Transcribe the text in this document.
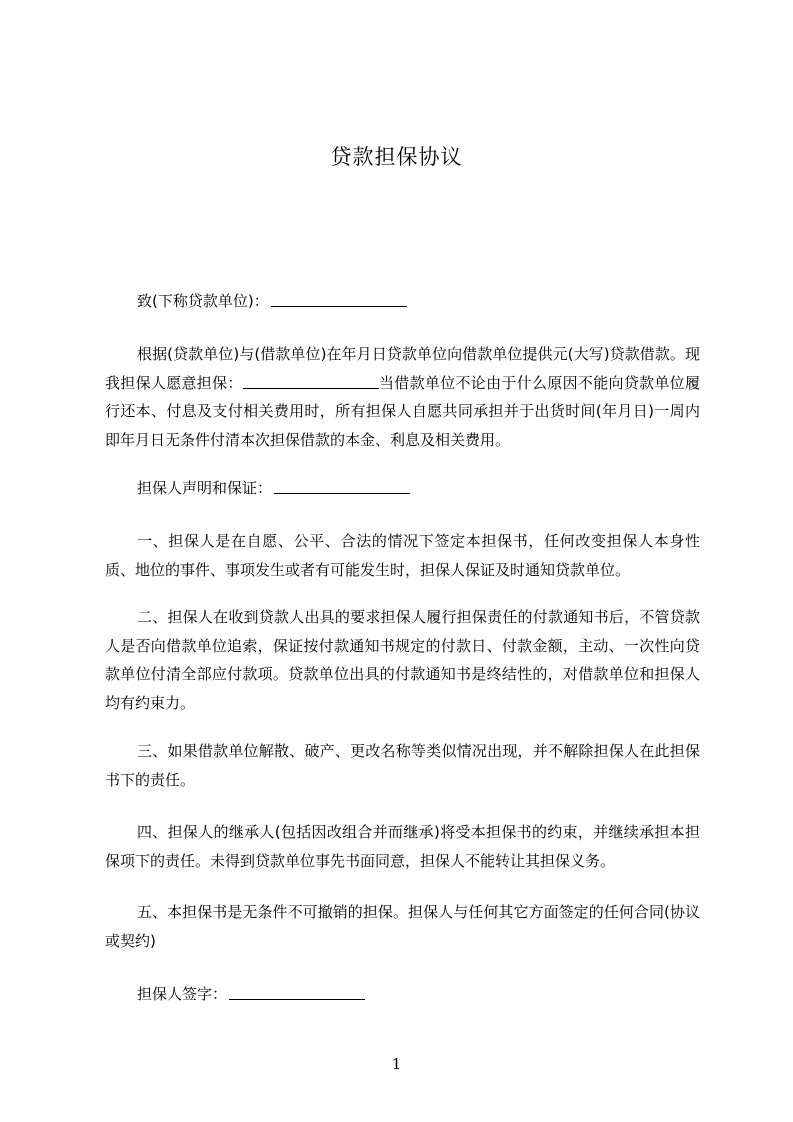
贷款担保协议
致(下称贷款单位)：
根据(贷款单位)与(借款单位)在年月日贷款单位向借款单位提供元(大写)贷款借款。现我担保人愿意担保：	当借款单位不论由于什么原因不能向贷款单位履行还本、付息及支付相关费用时，所有担保人自愿共同承担并于出货时间(年月日)一周内即年月日无条件付清本次担保借款的本金、利息及相关费用。
担保人声明和保证：
一、担保人是在自愿、公平、合法的情况下签定本担保书，任何改变担保人本身性质、地位的事件、事项发生或者有可能发生时，担保人保证及时通知贷款单位。
二、担保人在收到贷款人出具的要求担保人履行担保责任的付款通知书后，不管贷款人是否向借款单位追索，保证按付款通知书规定的付款日、付款金额，主动、一次性向贷款单位付清全部应付款项。贷款单位出具的付款通知书是终结性的，对借款单位和担保人均有约束力。
三、如果借款单位解散、破产、更改名称等类似情况出现，并不解除担保人在此担保书下的责任。
四、担保人的继承人(包括因改组合并而继承)将受本担保书的约束，并继续承担本担保项下的责任。未得到贷款单位事先书面同意，担保人不能转让其担保义务。
五、本担保书是无条件不可撤销的担保。担保人与任何其它方面签定的任何合同(协议或契约)
担保人签字：
1
